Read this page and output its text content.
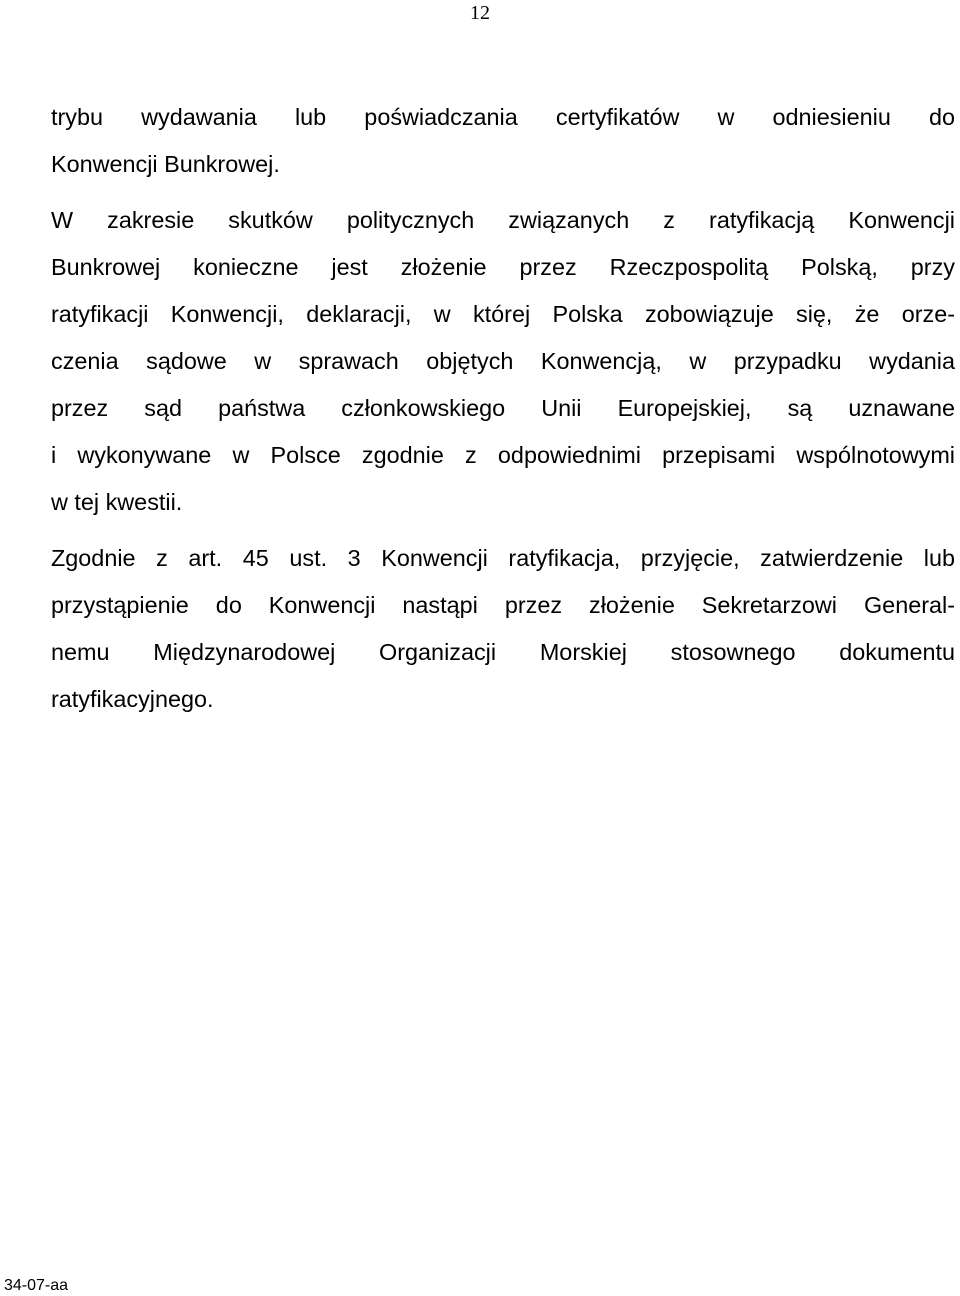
12

trybu wydawania lub poświadczania certyfikatów w odniesieniu do
Konwencji Bunkrowej.

W zakresie skutków politycznych związanych z ratyfikacją Konwencji
Bunkrowej konieczne jest złożenie przez Rzeczpospolitą Polską, przy
ratyfikacji Konwencji, deklaracji, w której Polska zobowiązuje się, że orze-
czenia sądowe w sprawach objętych Konwencją, w przypadku wydania
przez sąd państwa członkowskiego Unii Europejskiej, są uznawane
i wykonywane w Polsce zgodnie z odpowiednimi przepisami wspólnotowymi
w tej kwestii.

Zgodnie z art. 45 ust. 3 Konwencji ratyfikacja, przyjęcie, zatwierdzenie lub
przystąpienie do Konwencji nastąpi przez złożenie Sekretarzowi General-
nemu Międzynarodowej Organizacji Morskiej stosownego dokumentu
ratyfikacyjnego.

34-07-aa
